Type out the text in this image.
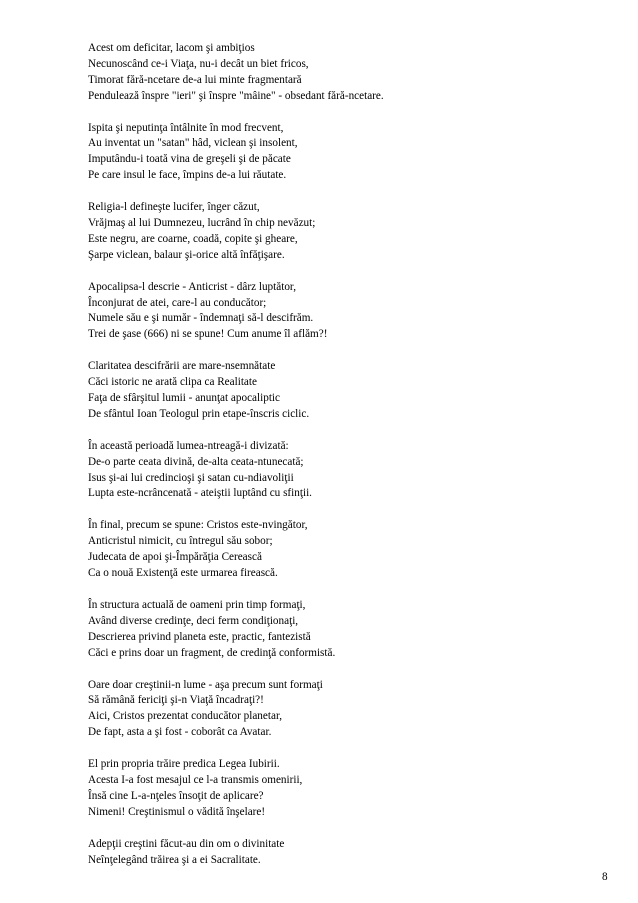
Acest om deficitar, lacom şi ambiţios
Necunoscând ce-i Viaţa, nu-i decât un biet fricos,
Timorat fără-ncetare de-a lui minte fragmentară
Pendulează înspre "ieri" şi înspre "mâine" - obsedant fără-ncetare.
Ispita şi neputinţa întâlnite în mod frecvent,
Au inventat un "satan" hâd, viclean şi insolent,
Imputându-i toată vina de greşeli şi de păcate
Pe care insul le face, împins de-a lui răutate.
Religia-l defineşte lucifer, înger căzut,
Vrăjmaş al lui Dumnezeu, lucrând în chip nevăzut;
Este negru, are coarne, coadă, copite şi gheare,
Şarpe viclean, balaur şi-orice altă înfăţişare.
Apocalipsa-l descrie - Anticrist - dârz luptător,
Înconjurat de atei, care-l au conducător;
Numele său e şi număr - îndemnaţi să-l descifrăm.
Trei de şase (666) ni se spune! Cum anume îl aflăm?!
Claritatea descifrării are mare-nsemnătate
Căci istoric ne arată clipa ca Realitate
Faţa de sfârşitul lumii - anunţat apocaliptic
De sfântul Ioan Teologul prin etape-înscris ciclic.
În această perioadă lumea-ntreagă-i divizată:
De-o parte ceata divină, de-alta ceata-ntunecată;
Isus şi-ai lui credincioşi şi satan cu-ndiavoliţii
Lupta este-ncrâncenată - ateiştii luptând cu sfinţii.
În final, precum se spune: Cristos este-nvingător,
Anticristul nimicit, cu întregul său sobor;
Judecata de apoi şi-Împărăţia Cerească
Ca o nouă Existenţă este urmarea firească.
În structura actuală de oameni prin timp formaţi,
Având diverse credinţe, deci ferm condiţionaţi,
Descrierea privind planeta este, practic, fantezistă
Căci e prins doar un fragment, de credinţă conformistă.
Oare doar creştinii-n lume - aşa precum sunt formaţi
Să rămână fericiţi şi-n Viaţă încadraţi?!
Aici, Cristos prezentat conducător planetar,
De fapt, asta a şi fost - coborât ca Avatar.
El prin propria trăire predica Legea Iubirii.
Acesta I-a fost mesajul ce l-a transmis omenirii,
Însă cine L-a-nţeles însoţit de aplicare?
Nimeni! Creştinismul o vădită înşelare!
Adepţii creştini făcut-au din om o divinitate
Neînţelegând trăirea şi a ei Sacralitate.
8
